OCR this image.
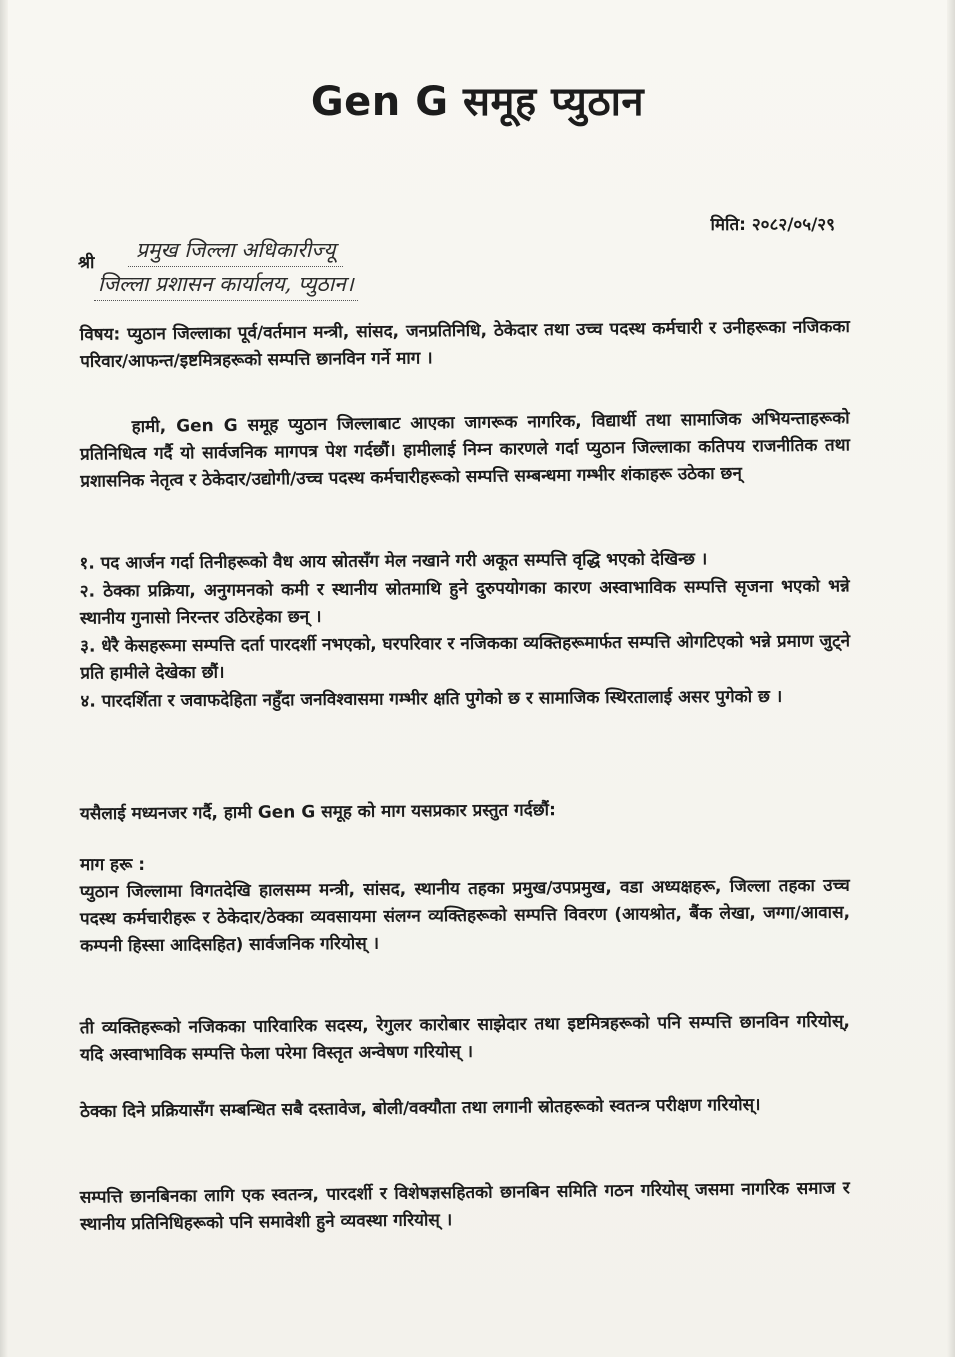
Gen G समूह प्युठान
मिति: २०८२/०५/२९
श्री
प्रमुख जिल्ला अधिकारीज्यू
जिल्ला प्रशासन कार्यालय, प्युठान।

विषय: प्युठान जिल्लाका पूर्व/वर्तमान मन्त्री, सांसद, जनप्रतिनिधि, ठेकेदार तथा उच्च पदस्थ कर्मचारी र उनीहरूका नजिकका परिवार/आफन्त/इष्टमित्रहरूको सम्पत्ति छानविन गर्ने माग ।

हामी, Gen G समूह प्युठान जिल्लाबाट आएका जागरूक नागरिक, विद्यार्थी तथा सामाजिक अभियन्ताहरूको प्रतिनिधित्व गर्दै यो सार्वजनिक मागपत्र पेश गर्दछौं। हामीलाई निम्न कारणले गर्दा प्युठान जिल्लाका कतिपय राजनीतिक तथा प्रशासनिक नेतृत्व र ठेकेदार/उद्योगी/उच्च पदस्थ कर्मचारीहरूको सम्पत्ति सम्बन्धमा गम्भीर शंकाहरू उठेका छन्

१. पद आर्जन गर्दा तिनीहरूको वैध आय स्रोतसँग मेल नखाने गरी अकूत सम्पत्ति वृद्धि भएको देखिन्छ ।
२. ठेक्का प्रक्रिया, अनुगमनको कमी र स्थानीय स्रोतमाथि हुने दुरुपयोगका कारण अस्वाभाविक सम्पत्ति सृजना भएको भन्ने स्थानीय गुनासो निरन्तर उठिरहेका छन् ।
३. धेरै केसहरूमा सम्पत्ति दर्ता पारदर्शी नभएको, घरपरिवार र नजिकका व्यक्तिहरूमार्फत सम्पत्ति ओगटिएको भन्ने प्रमाण जुट्ने प्रति हामीले देखेका छौं।
४. पारदर्शिता र जवाफदेहिता नहुँदा जनविश्वासमा गम्भीर क्षति पुगेको छ र सामाजिक स्थिरतालाई असर पुगेको छ ।

यसैलाई मध्यनजर गर्दै, हामी Gen G समूह को माग यसप्रकार प्रस्तुत गर्दछौं:

माग हरू :

प्युठान जिल्लामा विगतदेखि हालसम्म मन्त्री, सांसद, स्थानीय तहका प्रमुख/उपप्रमुख, वडा अध्यक्षहरू, जिल्ला तहका उच्च पदस्थ कर्मचारीहरू र ठेकेदार/ठेक्का व्यवसायमा संलग्न व्यक्तिहरूको सम्पत्ति विवरण (आयश्रोत, बैंक लेखा, जग्गा/आवास, कम्पनी हिस्सा आदिसहित) सार्वजनिक गरियोस् ।

ती व्यक्तिहरूको नजिकका पारिवारिक सदस्य, रेगुलर कारोबार साझेदार तथा इष्टमित्रहरूको पनि सम्पत्ति छानविन गरियोस्, यदि अस्वाभाविक सम्पत्ति फेला परेमा विस्तृत अन्वेषण गरियोस् ।

ठेक्का दिने प्रक्रियासँग सम्बन्धित सबै दस्तावेज, बोली/वक्यौता तथा लगानी स्रोतहरूको स्वतन्त्र परीक्षण गरियोस्।

सम्पत्ति छानबिनका लागि एक स्वतन्त्र, पारदर्शी र विशेषज्ञसहितको छानबिन समिति गठन गरियोस् जसमा नागरिक समाज र स्थानीय प्रतिनिधिहरूको पनि समावेशी हुने व्यवस्था गरियोस् ।
